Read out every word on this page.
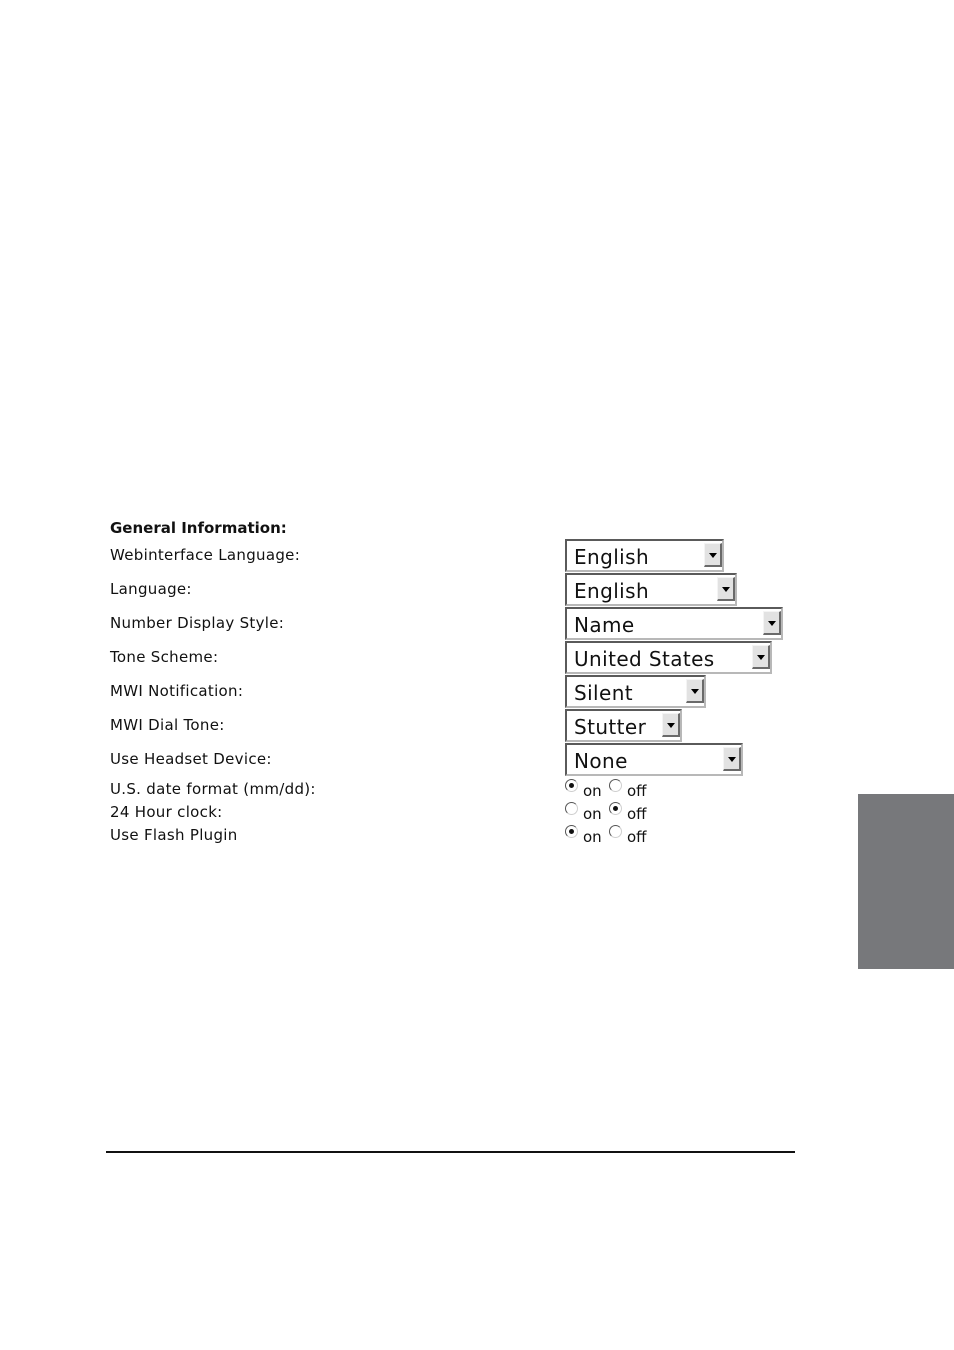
General Information:
Webinterface Language:	English
Language:	English
Number Display Style:	Name
Tone Scheme:	United States
MWI Notification:	Silent
MWI Dial Tone:	Stutter
Use Headset Device:	None
U.S. date format (mm/dd):	on off
24 Hour clock:	on off
Use Flash Plugin	on off
